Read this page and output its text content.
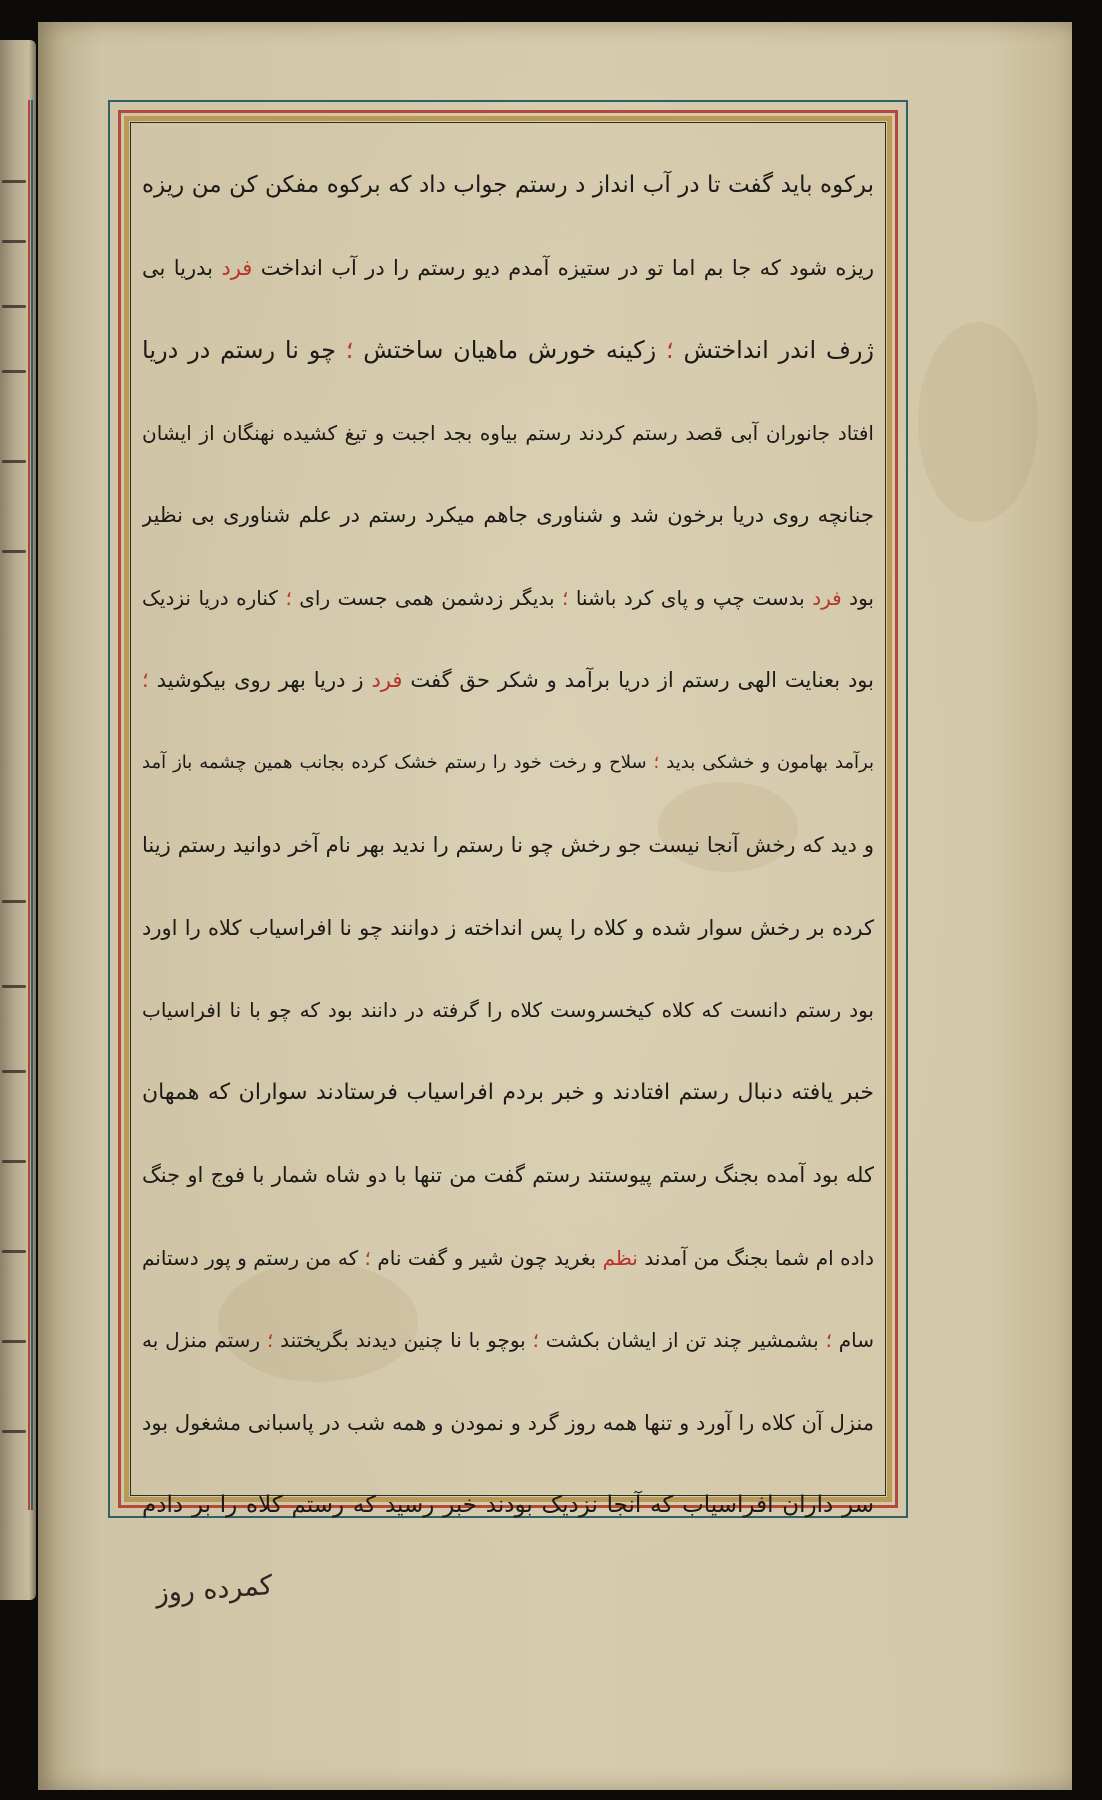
برکوه باید گفت تا در آب انداز د رستم جواب داد که برکوه مفکن کن من ریزه
ریزه شود که جا بم اما تو در ستیزه آمدم دیو رستم را در آب انداخت فرد بدریا بی
ژرف اندر انداختش ؛ زکینه خورش ماهیان ساختش ؛ چو نا رستم در دریا
افتاد جانوران آبی قصد رستم کردند رستم بیاوه بجد اجبت و تیغ کشیده نهنگان از ایشان
جنانچه روی دریا برخون شد و شناوری جاهم میکرد رستم در علم شناوری بی نظیر
بود فرد بدست چپ و پای کرد باشنا ؛ بدیگر زدشمن همی جست رای ؛ کناره دریا نزدیک
بود بعنایت الهی رستم از دریا برآمد و شکر حق گفت فرد ز دریا بهر روی بیکوشید ؛
برآمد بهامون و خشکی بدید ؛ سلاح و رخت خود را رستم خشک کرده بجانب همین چشمه باز آمد
و دید که رخش آنجا نیست جو رخش چو نا رستم را ندید بهر نام آخر دوانید رستم زینا
کرده بر رخش سوار شده و کلاه را پس انداخته ز دوانند چو نا افراسیاب کلاه را اورد
بود رستم دانست که کلاه کیخسروست کلاه را گرفته در دانند بود که چو با نا افراسیاب
خبر یافته دنبال رستم افتادند و خبر بردم افراسیاب فرستادند سواران که همهان
کله بود آمده بجنگ رستم پیوستند رستم گفت من تنها با دو شاه شمار با فوج او جنگ
داده ام شما بجنگ من آمدند نظم بغرید چون شیر و گفت نام ؛ که من رستم و پور دستانم
سام ؛ بشمشیر چند تن از ایشان بکشت ؛ بوچو با نا چنین دیدند بگریختند ؛ رستم منزل به
منزل آن کلاه را آورد و تنها همه روز گرد و نمودن و همه شب در پاسبانی مشغول بود
سر داران افراسیاب که آنجا نزدیک بودند خبر رسید که رستم کلاه را بر دادم
کمرده روز
